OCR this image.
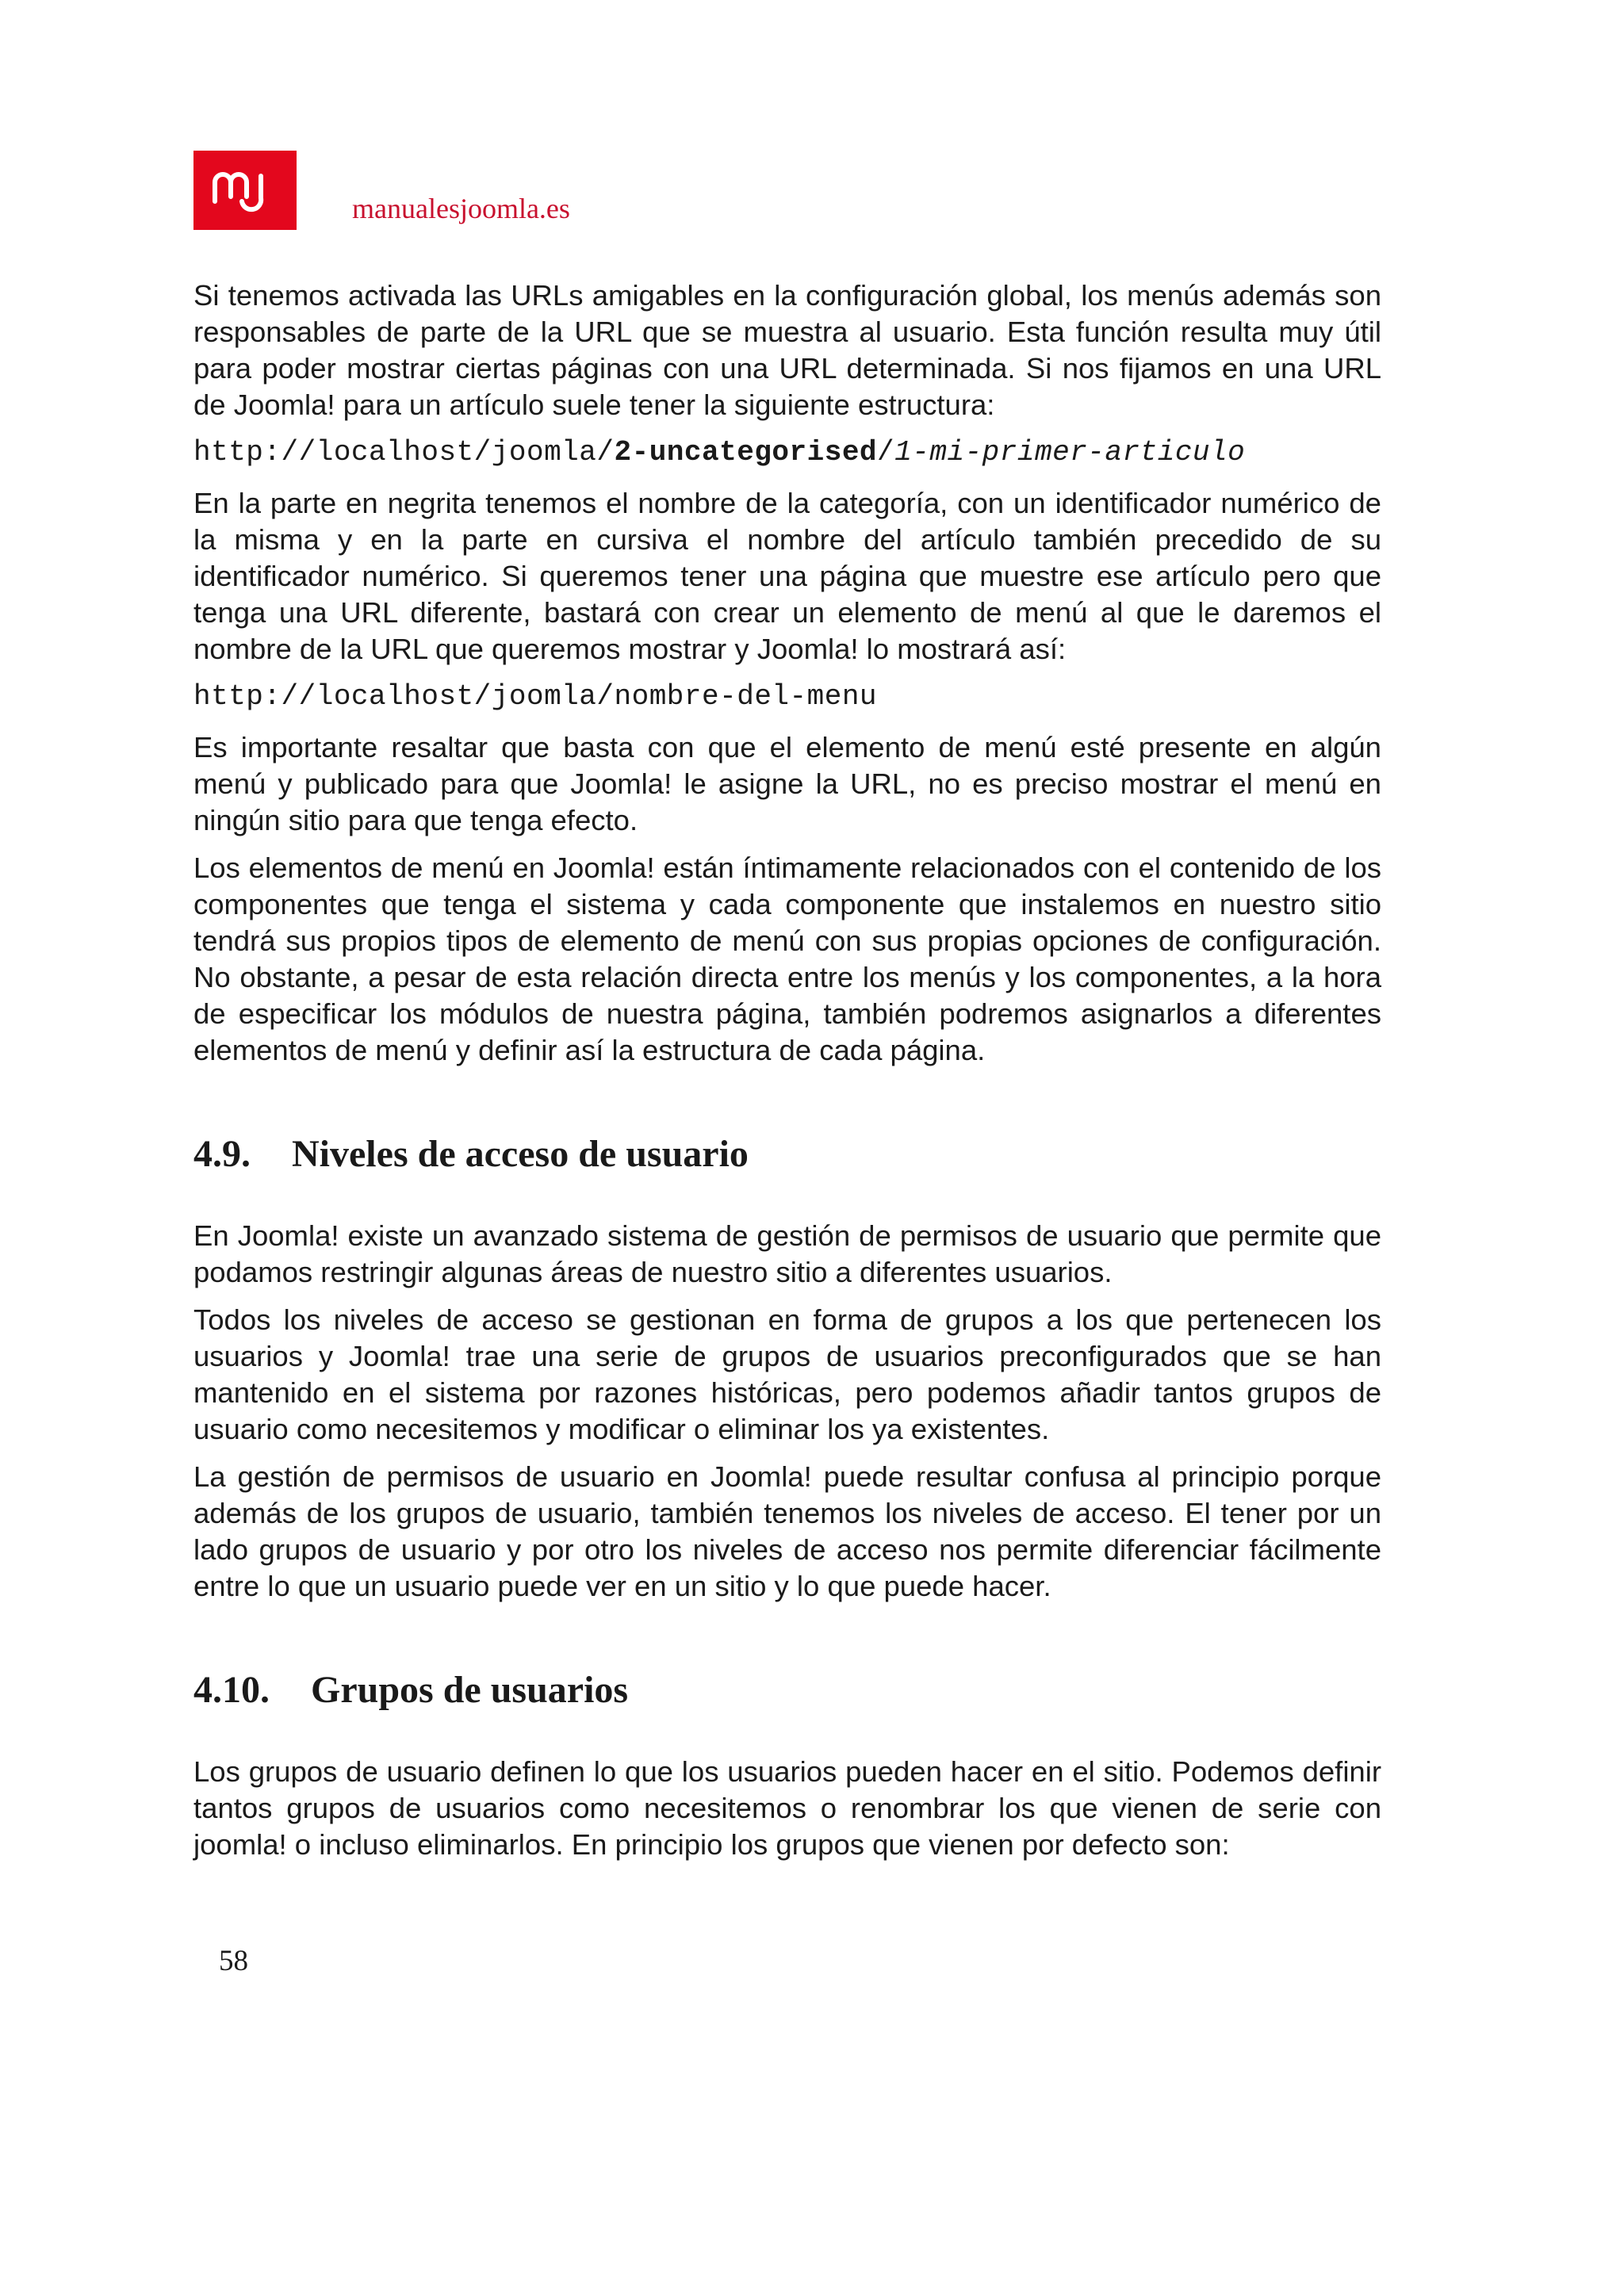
manualesjoomla.es

Si tenemos activada las URLs amigables en la configuración global, los menús además son responsables de parte de la URL que se muestra al usuario. Esta función resulta muy útil para poder mostrar ciertas páginas con una URL determinada. Si nos fijamos en una URL de Joomla! para un artículo suele tener la siguiente estructura:

http://localhost/joomla/2-uncategorised/1-mi-primer-articulo

En la parte en negrita tenemos el nombre de la categoría, con un identificador numérico de la misma y en la parte en cursiva el nombre del artículo también precedido de su identificador numérico. Si queremos tener una página que muestre ese artículo pero que tenga una URL diferente, bastará con crear un elemento de menú al que le daremos el nombre de la URL que queremos mostrar y Joomla! lo mostrará así:

http://localhost/joomla/nombre-del-menu

Es importante resaltar que basta con que el elemento de menú esté presente en algún menú y publicado para que Joomla! le asigne la URL, no es preciso mostrar el menú en ningún sitio para que tenga efecto.

Los elementos de menú en Joomla! están íntimamente relacionados con el contenido de los componentes que tenga el sistema y cada componente que instalemos en nuestro sitio tendrá sus propios tipos de elemento de menú con sus propias opciones de configuración. No obstante, a pesar de esta relación directa entre los menús y los componentes, a la hora de especificar los módulos de nuestra página, también podremos asignarlos a diferentes elementos de menú y definir así la estructura de cada página.

4.9.	Niveles de acceso de usuario

En Joomla! existe un avanzado sistema de gestión de permisos de usuario que permite que podamos restringir algunas áreas de nuestro sitio a diferentes usuarios.

Todos los niveles de acceso se gestionan en forma de grupos a los que pertenecen los usuarios y Joomla! trae una serie de grupos de usuarios preconfigurados que se han mantenido en el sistema por razones históricas, pero podemos añadir tantos grupos de usuario como necesitemos y modificar o eliminar los ya existentes.

La gestión de permisos de usuario en Joomla! puede resultar confusa al principio porque además de los grupos de usuario, también tenemos los niveles de acceso. El tener por un lado grupos de usuario y por otro los niveles de acceso nos permite diferenciar fácilmente entre lo que un usuario puede ver en un sitio y lo que puede hacer.

4.10.	Grupos de usuarios

Los grupos de usuario definen lo que los usuarios pueden hacer en el sitio. Podemos definir tantos grupos de usuarios como necesitemos o renombrar los que vienen de serie con joomla! o incluso eliminarlos. En principio los grupos que vienen por defecto son:

58
